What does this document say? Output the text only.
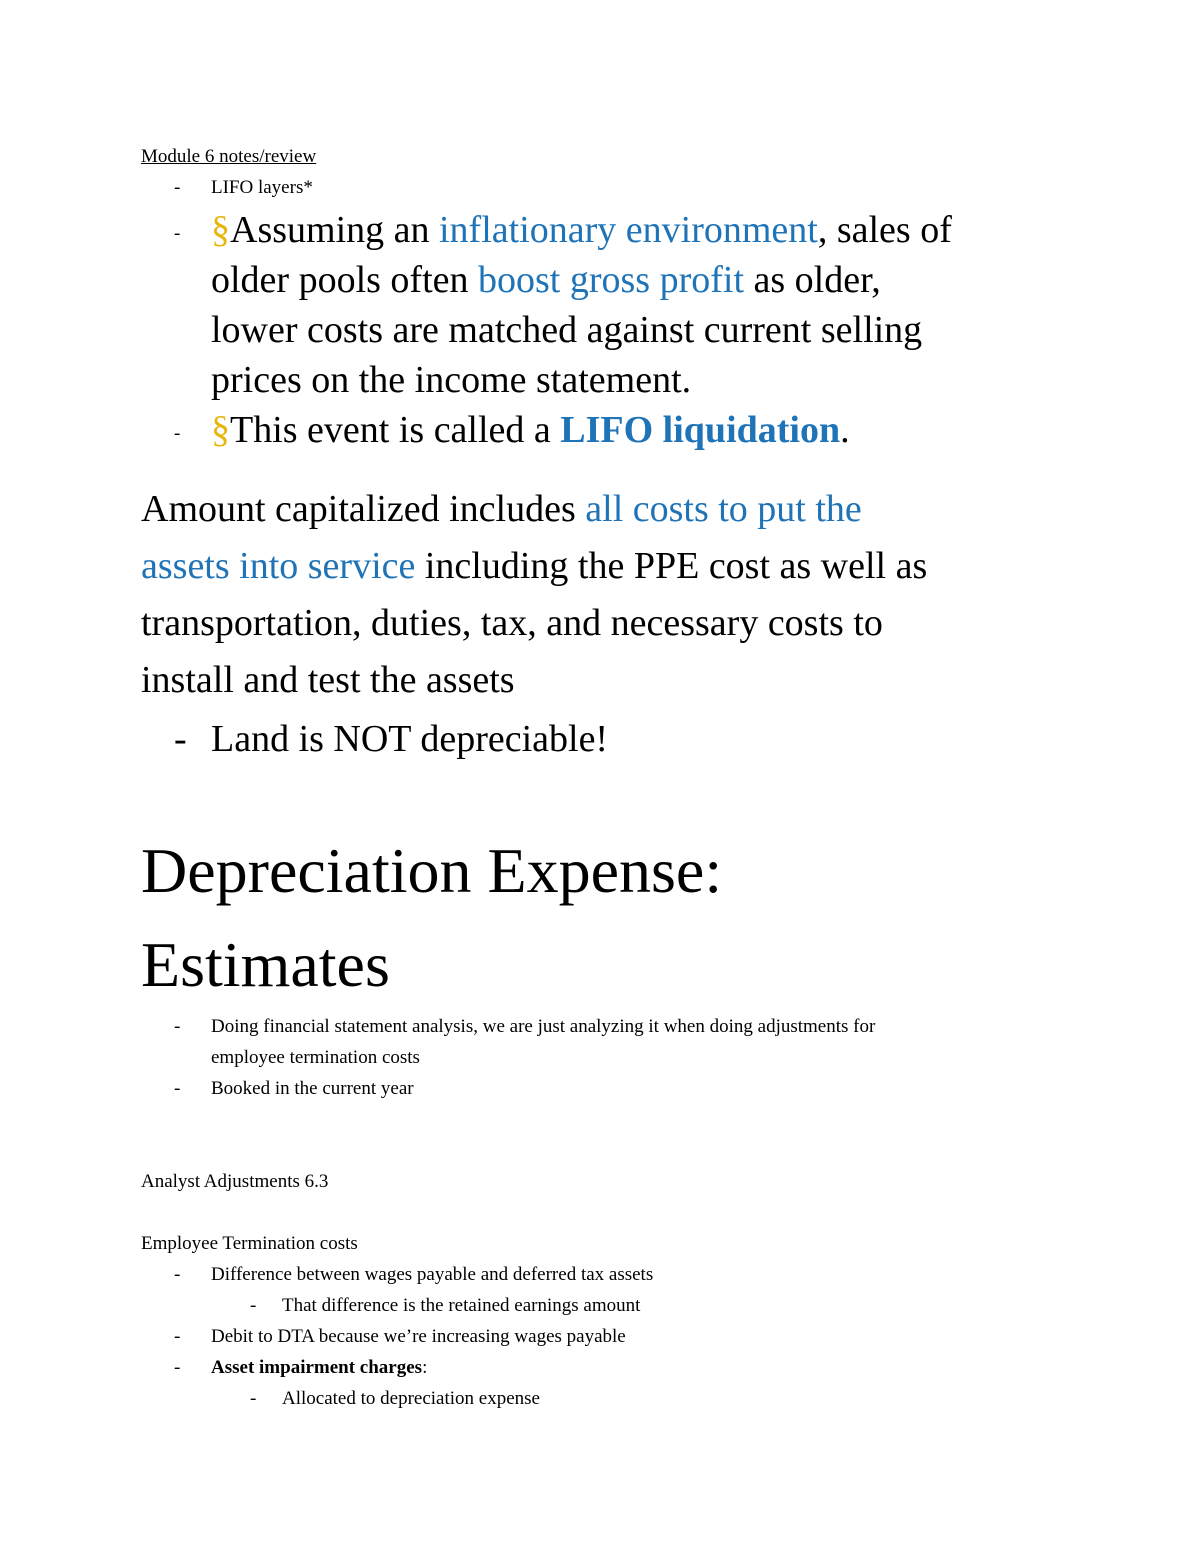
Module 6 notes/review
- LIFO layers*
- §Assuming an inflationary environment, sales of
older pools often boost gross profit as older,
lower costs are matched against current selling
prices on the income statement.
- §This event is called a LIFO liquidation.
Amount capitalized includes all costs to put the
assets into service including the PPE cost as well as
transportation, duties, tax, and necessary costs to
install and test the assets
- Land is NOT depreciable!
Depreciation Expense:
Estimates
- Doing financial statement analysis, we are just analyzing it when doing adjustments for
employee termination costs
- Booked in the current year
Analyst Adjustments 6.3
Employee Termination costs
- Difference between wages payable and deferred tax assets
- That difference is the retained earnings amount
- Debit to DTA because we’re increasing wages payable
- Asset impairment charges:
- Allocated to depreciation expense
